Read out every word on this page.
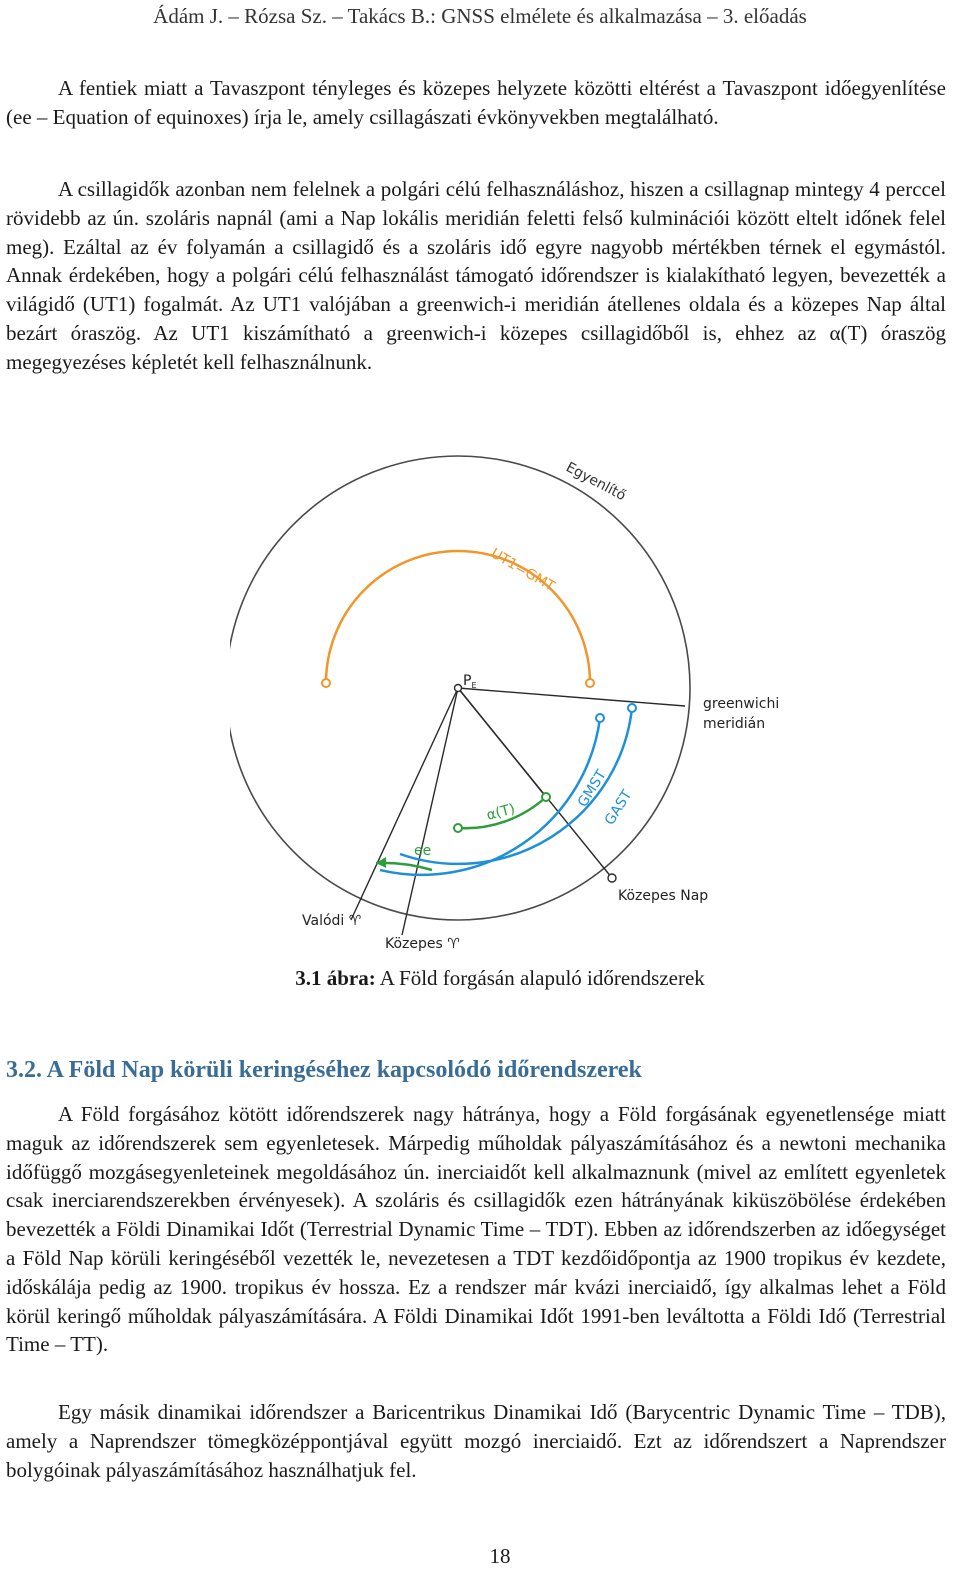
Ádám J. – Rózsa Sz. – Takács B.: GNSS elmélete és alkalmazása – 3. előadás

A fentiek miatt a Tavaszpont tényleges és közepes helyzete közötti eltérést a Tavaszpont időegyenlítése (ee – Equation of equinoxes) írja le, amely csillagászati évkönyvekben megtalálható.

A csillagidők azonban nem felelnek a polgári célú felhasználáshoz, hiszen a csillagnap mintegy 4 perccel rövidebb az ún. szoláris napnál (ami a Nap lokális meridián feletti felső kulminációi között eltelt időnek felel meg). Ezáltal az év folyamán a csillagidő és a szoláris idő egyre nagyobb mértékben térnek el egymástól. Annak érdekében, hogy a polgári célú felhasználást támogató időrendszer is kialakítható legyen, bevezették a világidő (UT1) fogalmát. Az UT1 valójában a greenwich-i meridián átellenes oldala és a közepes Nap által bezárt óraszög. Az UT1 kiszámítható a greenwich-i közepes csillagidőből is, ehhez az α(T) óraszög megegyezéses képletét kell felhasználnunk.

Egyenlítő
UT1=GMT
$P_E$
greenwichi
meridián
GMST
GAST
α(T)
ee
Közepes Nap
Valódi ♈
Közepes ♈
3.1 ábra: A Föld forgásán alapuló időrendszerek
3.2. A Föld Nap körüli keringéséhez kapcsolódó időrendszerek

A Föld forgásához kötött időrendszerek nagy hátránya, hogy a Föld forgásának egyenetlensége miatt maguk az időrendszerek sem egyenletesek. Márpedig műholdak pályaszámításához és a newtoni mechanika időfüggő mozgásegyenleteinek megoldásához ún. inerciaidőt kell alkalmaznunk (mivel az említett egyenletek csak inerciarendszerekben érvényesek). A szoláris és csillagidők ezen hátrányának kiküszöbölése érdekében bevezették a Földi Dinamikai Időt (Terrestrial Dynamic Time – TDT). Ebben az időrendszerben az időegységet a Föld Nap körüli keringéséből vezették le, nevezetesen a TDT kezdőidőpontja az 1900 tropikus év kezdete, időskálája pedig az 1900. tropikus év hossza. Ez a rendszer már kvázi inerciaidő, így alkalmas lehet a Föld körül keringő műholdak pályaszámítására. A Földi Dinamikai Időt 1991-ben leváltotta a Földi Idő (Terrestrial Time – TT).

Egy másik dinamikai időrendszer a Baricentrikus Dinamikai Idő (Barycentric Dynamic Time – TDB), amely a Naprendszer tömegközéppontjával együtt mozgó inerciaidő. Ezt az időrendszert a Naprendszer bolygóinak pályaszámításához használhatjuk fel.

18
